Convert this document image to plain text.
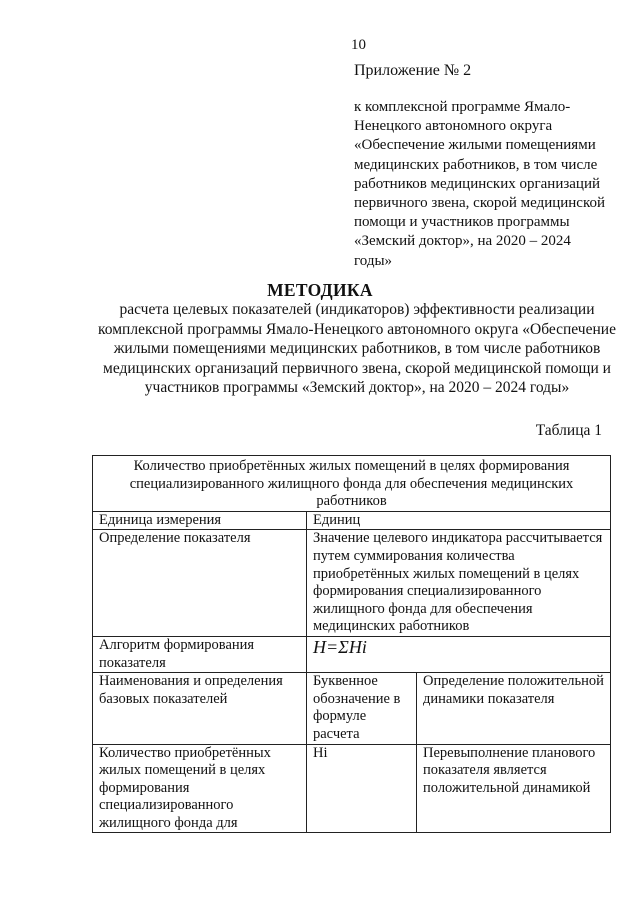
10
Приложение № 2
к комплексной программе Ямало-
Ненецкого автономного округа
«Обеспечение жилыми помещениями
медицинских работников, в том числе
работников медицинских организаций
первичного звена, скорой медицинской
помощи и участников программы
«Земский доктор», на 2020 – 2024
годы»
МЕТОДИКА
расчета целевых показателей (индикаторов) эффективности реализации
комплексной программы Ямало-Ненецкого автономного округа «Обеспечение
жилыми помещениями медицинских работников, в том числе работников
медицинских организаций первичного звена, скорой медицинской помощи и
участников программы «Земский доктор», на 2020 – 2024 годы»
Таблица 1
Количество приобретённых жилых помещений в целях формирования специализированного жилищного фонда для обеспечения медицинских работников		
Единица измерения	Единиц	
Определение показателя	Значение целевого индикатора рассчитывается путем суммирования количества приобретённых жилых помещений в целях формирования специализированного жилищного фонда для обеспечения медицинских работников	
Алгоритм формирования показателя	H=ΣHi	
Наименования и определения базовых показателей	Буквенное обозначение в формуле расчета	Определение положительной динамики показателя
Количество приобретённых жилых помещений в целях формирования специализированного жилищного фонда для	Hi	Перевыполнение планового показателя является положительной динамикой
